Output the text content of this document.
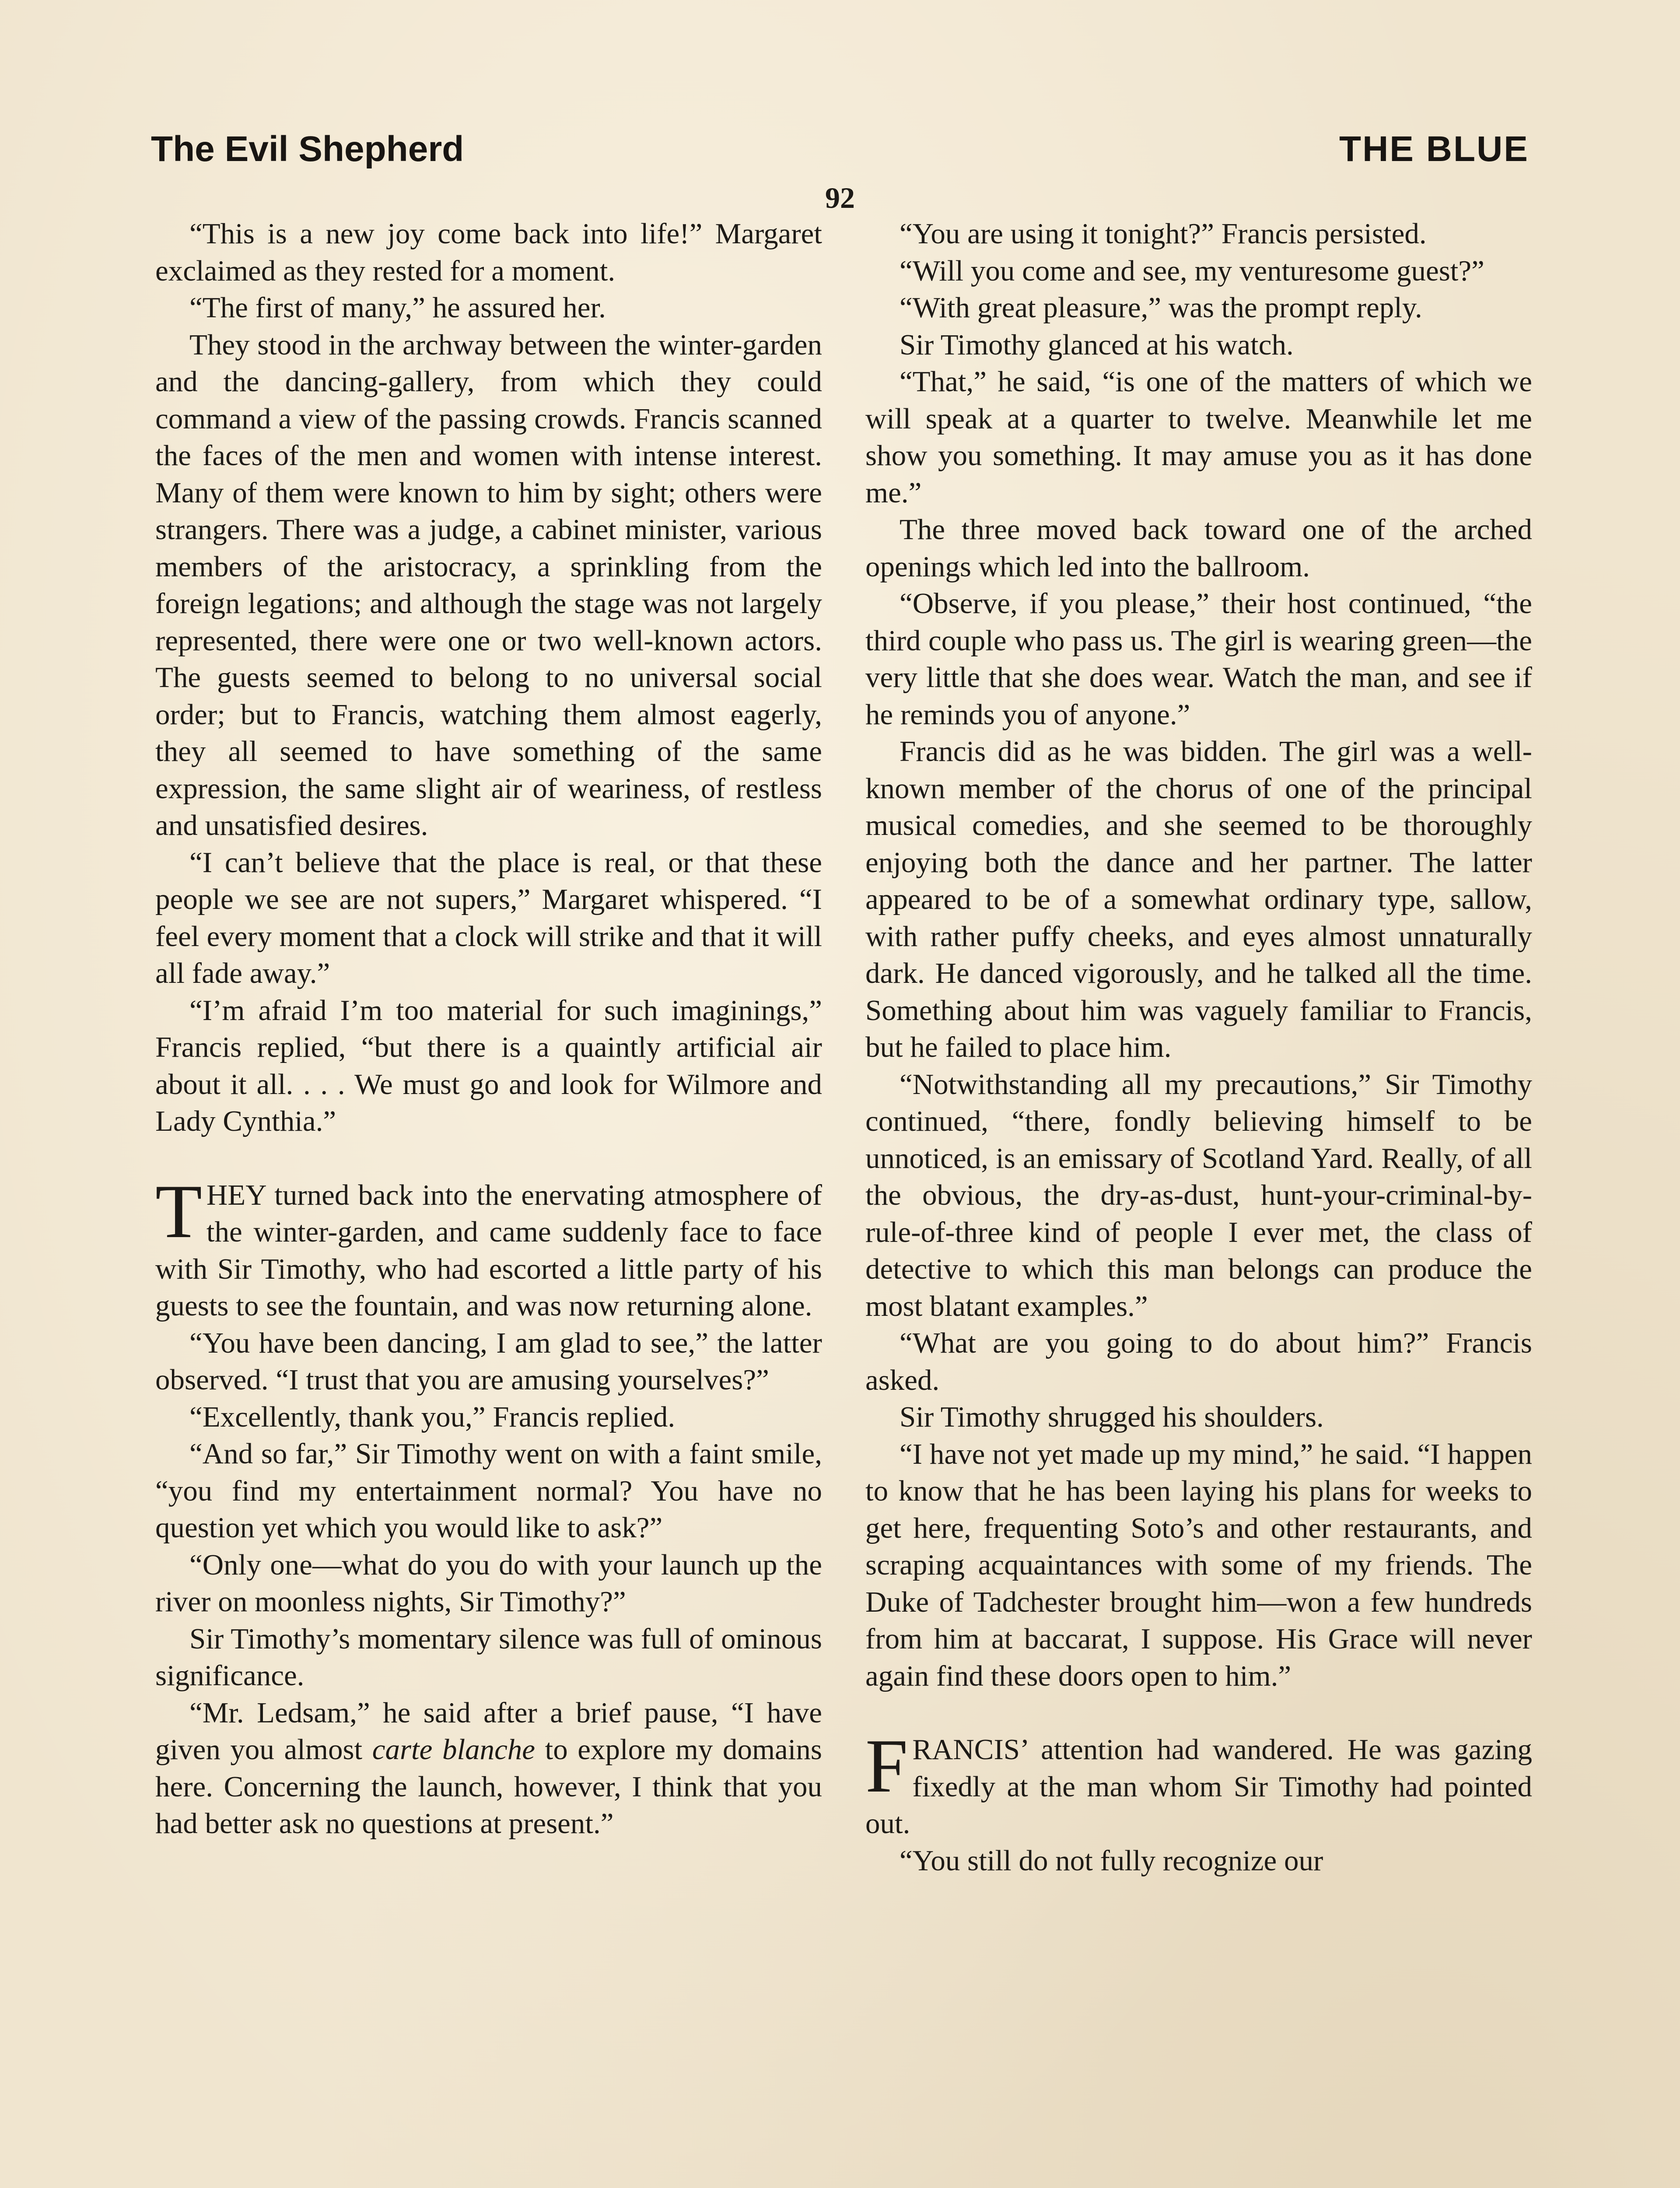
The Evil Shepherd	THE BLUE
92

“This is a new joy come back into life!” Margaret exclaimed as they rested for a moment.

“The first of many,” he assured her.

They stood in the archway between the winter-garden and the dancing-gallery, from which they could command a view of the passing crowds. Francis scanned the faces of the men and women with intense interest. Many of them were known to him by sight; others were strangers. There was a judge, a cabinet minister, various members of the aristocracy, a sprinkling from the foreign legations; and although the stage was not largely represented, there were one or two well-known actors. The guests seemed to belong to no universal social order; but to Francis, watching them almost eagerly, they all seemed to have something of the same expression, the same slight air of weariness, of restless and unsatisfied desires.

“I can’t believe that the place is real, or that these people we see are not supers,” Margaret whispered. “I feel every moment that a clock will strike and that it will all fade away.”

“I’m afraid I’m too material for such imaginings,” Francis replied, “but there is a quaintly artificial air about it all. . . . We must go and look for Wilmore and Lady Cynthia.”

THEY turned back into the enervating atmosphere of the winter-garden, and came suddenly face to face with Sir Timothy, who had escorted a little party of his guests to see the fountain, and was now returning alone.

“You have been dancing, I am glad to see,” the latter observed. “I trust that you are amusing yourselves?”

“Excellently, thank you,” Francis replied.

“And so far,” Sir Timothy went on with a faint smile, “you find my entertainment normal? You have no question yet which you would like to ask?”

“Only one—what do you do with your launch up the river on moonless nights, Sir Timothy?”

Sir Timothy’s momentary silence was full of ominous significance.

“Mr. Ledsam,” he said after a brief pause, “I have given you almost carte blanche to explore my domains here. Concerning the launch, however, I think that you had better ask no questions at present.”

“You are using it tonight?” Francis persisted.

“Will you come and see, my venturesome guest?”

“With great pleasure,” was the prompt reply.

Sir Timothy glanced at his watch.

“That,” he said, “is one of the matters of which we will speak at a quarter to twelve. Meanwhile let me show you something. It may amuse you as it has done me.”

The three moved back toward one of the arched openings which led into the ballroom.

“Observe, if you please,” their host continued, “the third couple who pass us. The girl is wearing green—the very little that she does wear. Watch the man, and see if he reminds you of anyone.”

Francis did as he was bidden. The girl was a well-known member of the chorus of one of the principal musical comedies, and she seemed to be thoroughly enjoying both the dance and her partner. The latter appeared to be of a somewhat ordinary type, sallow, with rather puffy cheeks, and eyes almost unnaturally dark. He danced vigorously, and he talked all the time. Something about him was vaguely familiar to Francis, but he failed to place him.

“Notwithstanding all my precautions,” Sir Timothy continued, “there, fondly believing himself to be unnoticed, is an emissary of Scotland Yard. Really, of all the obvious, the dry-as-dust, hunt-your-criminal-by-rule-of-three kind of people I ever met, the class of detective to which this man belongs can produce the most blatant examples.”

“What are you going to do about him?” Francis asked.

Sir Timothy shrugged his shoulders.

“I have not yet made up my mind,” he said. “I happen to know that he has been laying his plans for weeks to get here, frequenting Soto’s and other restaurants, and scraping acquaintances with some of my friends. The Duke of Tadchester brought him—won a few hundreds from him at baccarat, I suppose. His Grace will never again find these doors open to him.”

FRANCIS’ attention had wandered. He was gazing fixedly at the man whom Sir Timothy had pointed out.

“You still do not fully recognize our
